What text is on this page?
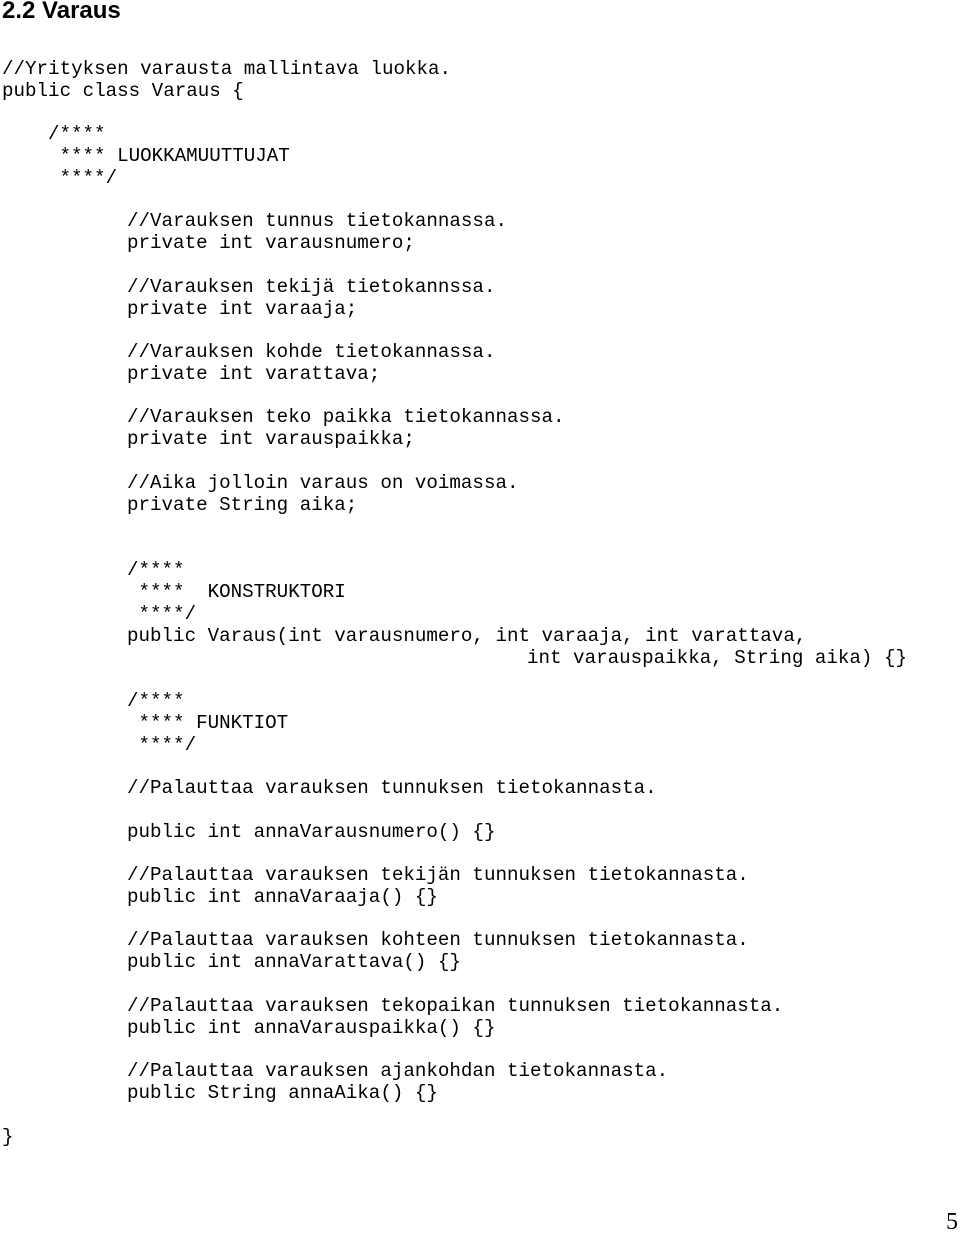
2.2 Varaus
//Yrityksen varausta mallintava luokka.
public class Varaus {
/****
**** LUOKKAMUUTTUJAT
****/
//Varauksen tunnus tietokannassa.
private int varausnumero;
//Varauksen tekijä tietokannssa.
private int varaaja;
//Varauksen kohde tietokannassa.
private int varattava;
//Varauksen teko paikka tietokannassa.
private int varauspaikka;
//Aika jolloin varaus on voimassa.
private String aika;
/****
****  KONSTRUKTORI
****/
public Varaus(int varausnumero, int varaaja, int varattava,
int varauspaikka, String aika) {}
/****
**** FUNKTIOT
****/
//Palauttaa varauksen tunnuksen tietokannasta.
public int annaVarausnumero() {}
//Palauttaa varauksen tekijän tunnuksen tietokannasta.
public int annaVaraaja() {}
//Palauttaa varauksen kohteen tunnuksen tietokannasta.
public int annaVarattava() {}
//Palauttaa varauksen tekopaikan tunnuksen tietokannasta.
public int annaVarauspaikka() {}
//Palauttaa varauksen ajankohdan tietokannasta.
public String annaAika() {}
}
5
